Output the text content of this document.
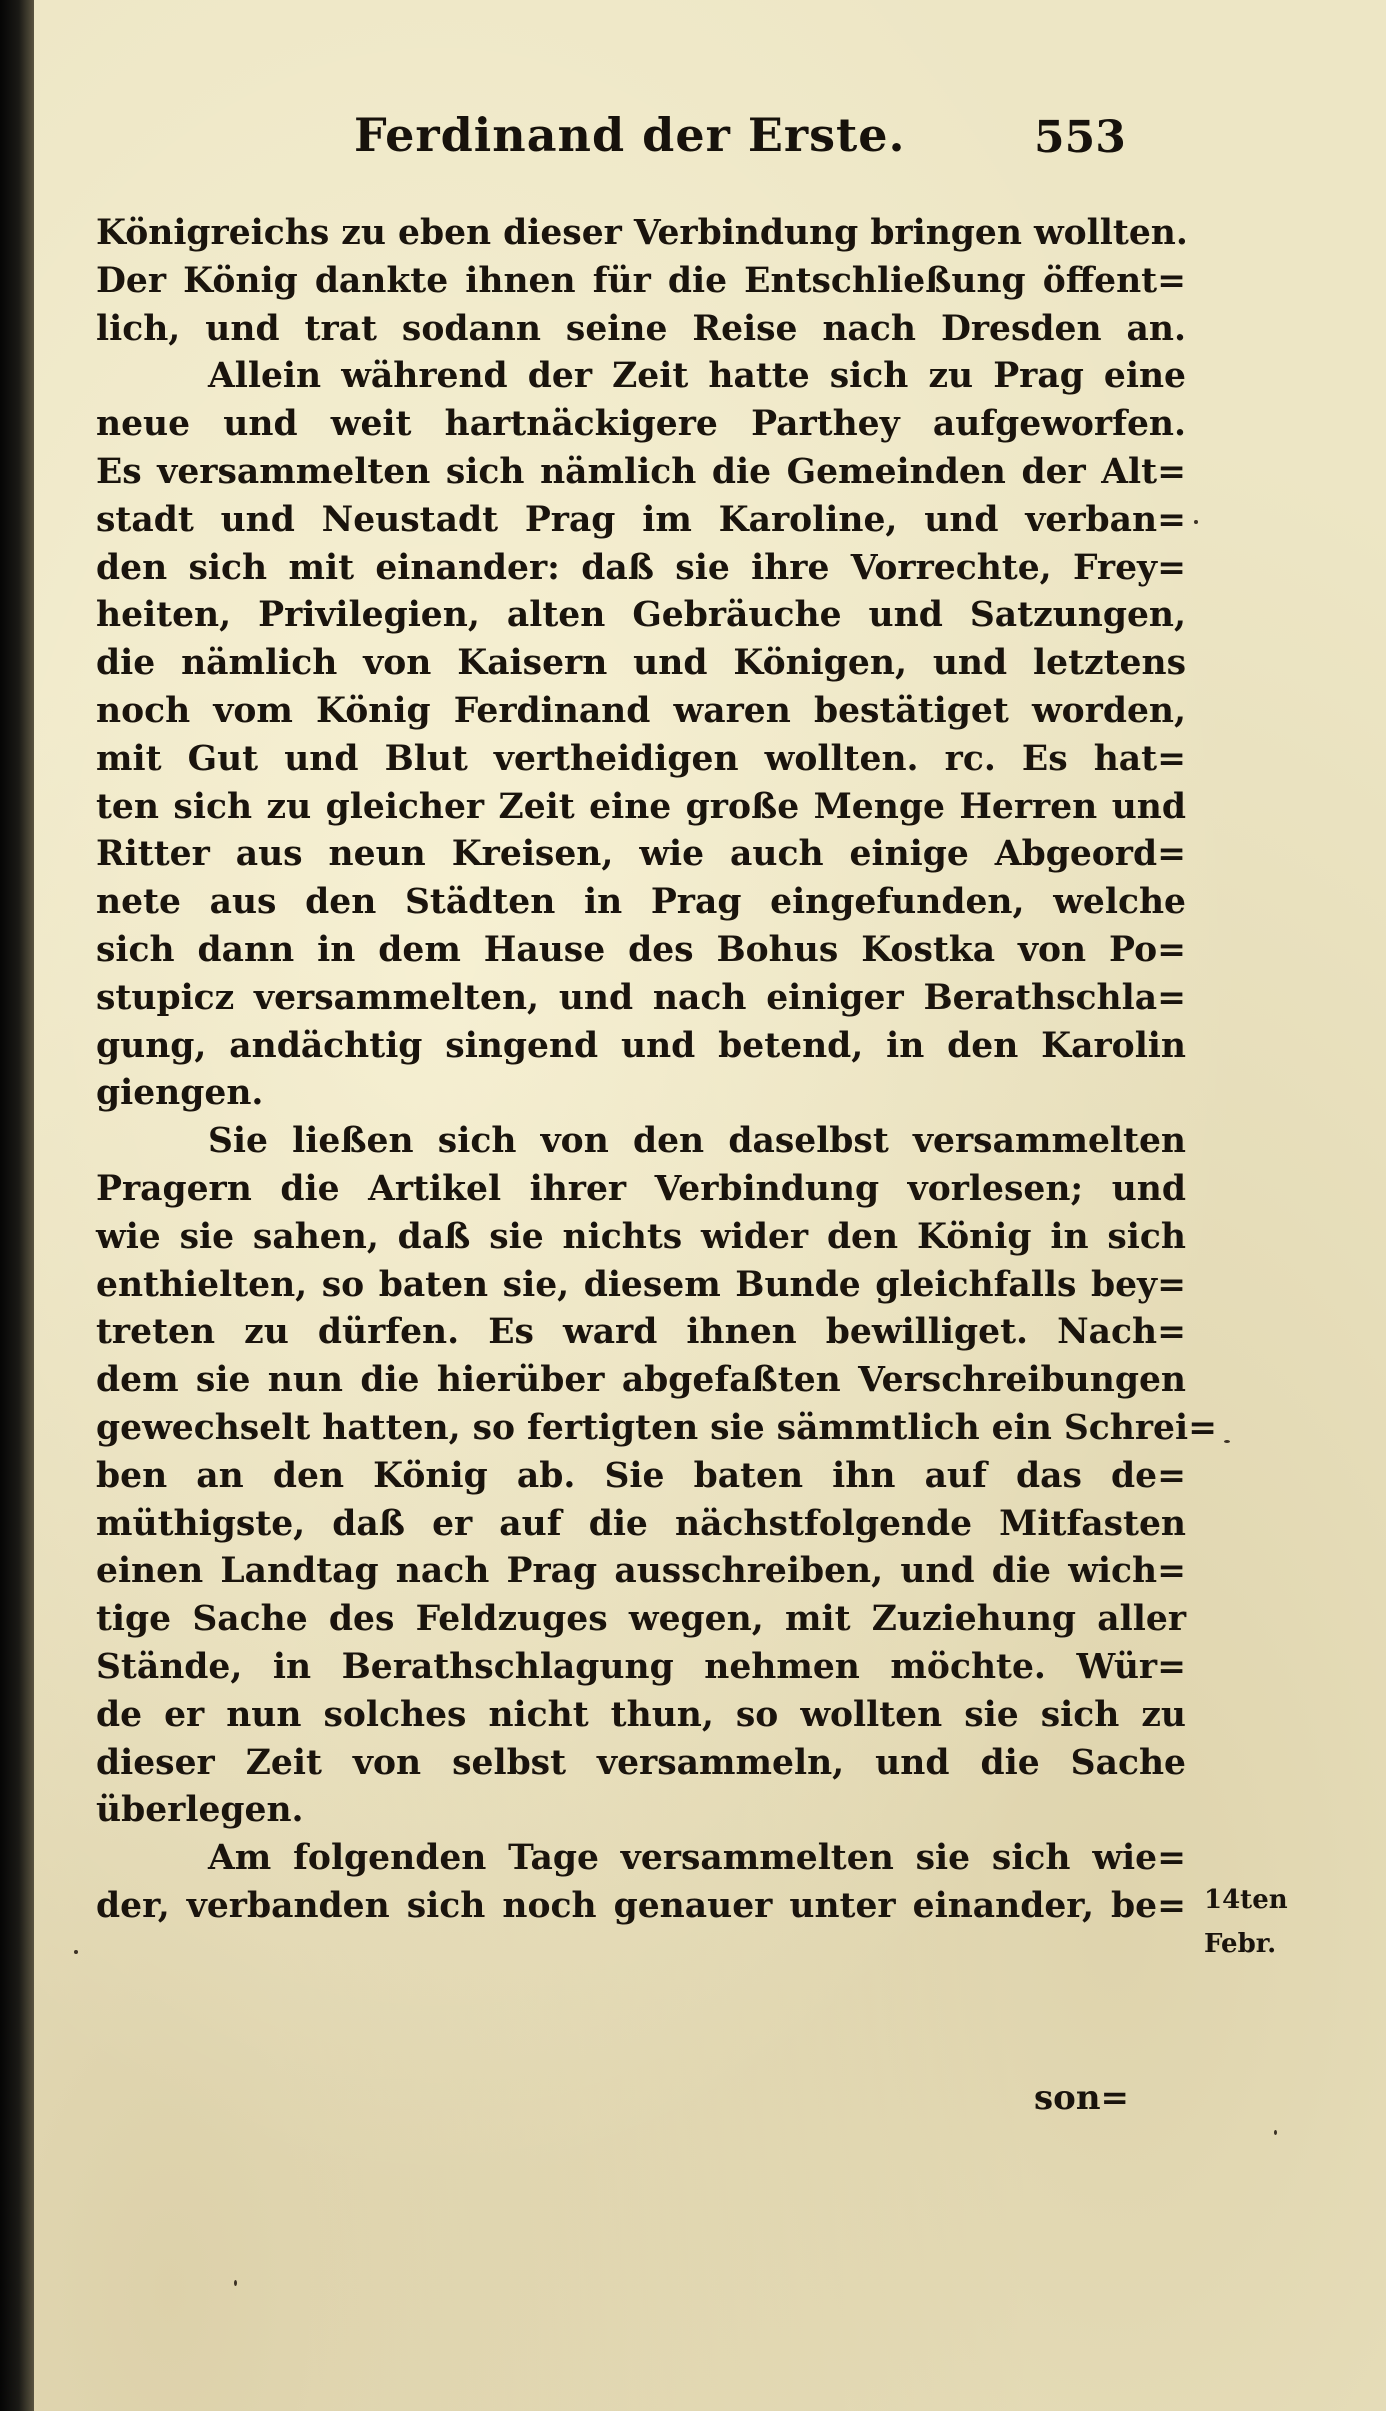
Ferdinand der Erste.	553
Königreichs zu eben dieser Verbindung bringen wollten.
Der König dankte ihnen für die Entschließung öffent=
lich, und trat sodann seine Reise nach Dresden an.
Allein während der Zeit hatte sich zu Prag eine
neue und weit hartnäckigere Parthey aufgeworfen.
Es versammelten sich nämlich die Gemeinden der Alt=
stadt und Neustadt Prag im Karoline, und verban=
den sich mit einander: daß sie ihre Vorrechte, Frey=
heiten, Privilegien, alten Gebräuche und Satzungen,
die nämlich von Kaisern und Königen, und letztens
noch vom König Ferdinand waren bestätiget worden,
mit Gut und Blut vertheidigen wollten. rc. Es hat=
ten sich zu gleicher Zeit eine große Menge Herren und
Ritter aus neun Kreisen, wie auch einige Abgeord=
nete aus den Städten in Prag eingefunden, welche
sich dann in dem Hause des Bohus Kostka von Po=
stupicz versammelten, und nach einiger Berathschla=
gung, andächtig singend und betend, in den Karolin
giengen.
Sie ließen sich von den daselbst versammelten
Pragern die Artikel ihrer Verbindung vorlesen; und
wie sie sahen, daß sie nichts wider den König in sich
enthielten, so baten sie, diesem Bunde gleichfalls bey=
treten zu dürfen. Es ward ihnen bewilliget. Nach=
dem sie nun die hierüber abgefaßten Verschreibungen
gewechselt hatten, so fertigten sie sämmtlich ein Schrei=
ben an den König ab. Sie baten ihn auf das de=
müthigste, daß er auf die nächstfolgende Mitfasten
einen Landtag nach Prag ausschreiben, und die wich=
tige Sache des Feldzuges wegen, mit Zuziehung aller
Stände, in Berathschlagung nehmen möchte. Wür=
de er nun solches nicht thun, so wollten sie sich zu
dieser Zeit von selbst versammeln, und die Sache
überlegen.
Am folgenden Tage versammelten sie sich wie=
der, verbanden sich noch genauer unter einander, be= 14ten
Febr.
son=
